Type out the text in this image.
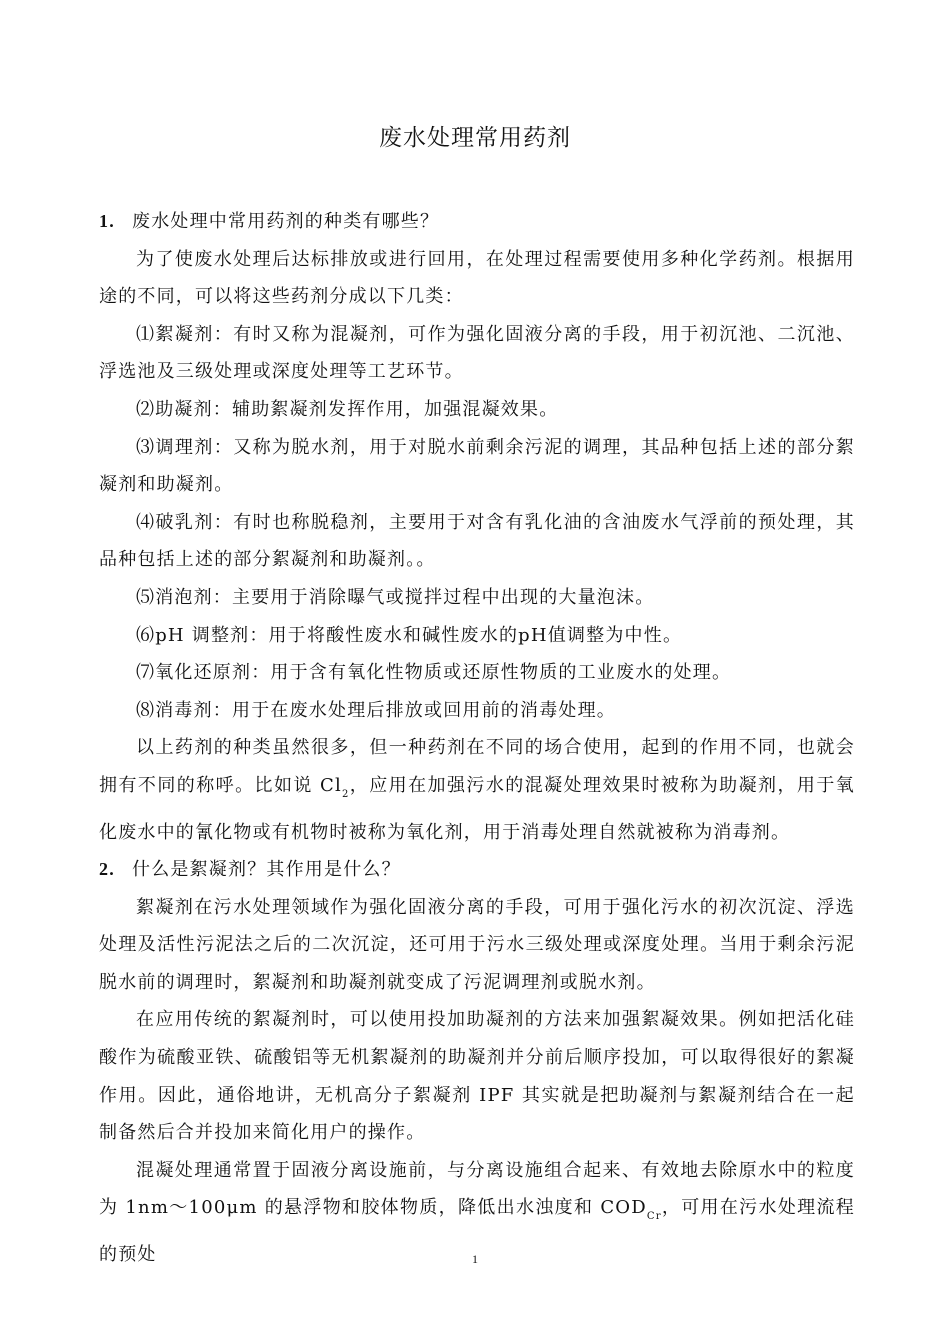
废水处理常用药剂

1. 废水处理中常用药剂的种类有哪些？

为了使废水处理后达标排放或进行回用，在处理过程需要使用多种化学药剂。根据用途的不同，可以将这些药剂分成以下几类：

⑴絮凝剂：有时又称为混凝剂，可作为强化固液分离的手段，用于初沉池、二沉池、浮选池及三级处理或深度处理等工艺环节。

⑵助凝剂：辅助絮凝剂发挥作用，加强混凝效果。

⑶调理剂：又称为脱水剂，用于对脱水前剩余污泥的调理，其品种包括上述的部分絮凝剂和助凝剂。

⑷破乳剂：有时也称脱稳剂，主要用于对含有乳化油的含油废水气浮前的预处理，其品种包括上述的部分絮凝剂和助凝剂。。

⑸消泡剂：主要用于消除曝气或搅拌过程中出现的大量泡沫。

⑹pH 调整剂：用于将酸性废水和碱性废水的pH值调整为中性。

⑺氧化还原剂：用于含有氧化性物质或还原性物质的工业废水的处理。

⑻消毒剂：用于在废水处理后排放或回用前的消毒处理。

以上药剂的种类虽然很多，但一种药剂在不同的场合使用，起到的作用不同，也就会拥有不同的称呼。比如说 $Cl_2$，应用在加强污水的混凝处理效果时被称为助凝剂，用于氧化废水中的氰化物或有机物时被称为氧化剂，用于消毒处理自然就被称为消毒剂。

2. 什么是絮凝剂？其作用是什么？

絮凝剂在污水处理领域作为强化固液分离的手段，可用于强化污水的初次沉淀、浮选处理及活性污泥法之后的二次沉淀，还可用于污水三级处理或深度处理。当用于剩余污泥脱水前的调理时，絮凝剂和助凝剂就变成了污泥调理剂或脱水剂。

在应用传统的絮凝剂时，可以使用投加助凝剂的方法来加强絮凝效果。例如把活化硅酸作为硫酸亚铁、硫酸铝等无机絮凝剂的助凝剂并分前后顺序投加，可以取得很好的絮凝作用。因此，通俗地讲，无机高分子絮凝剂 IPF 其实就是把助凝剂与絮凝剂结合在一起制备然后合并投加来简化用户的操作。

混凝处理通常置于固液分离设施前，与分离设施组合起来、有效地去除原水中的粒度为 1nm～100μm 的悬浮物和胶体物质，降低出水浊度和 $COD_{Cr}$，可用在污水处理流程的预处	1
